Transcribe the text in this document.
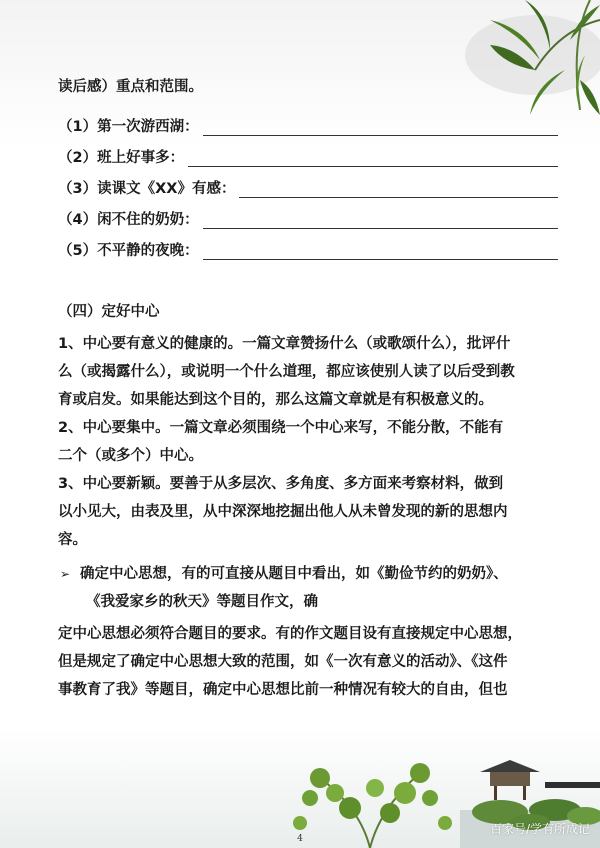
读后感）重点和范围。
（1）第一次游西湖：
（2）班上好事多：
（3）读课文《XX》有感：
（4）闲不住的奶奶：
（5）不平静的夜晚：
（四）定好中心
1、中心要有意义的健康的。一篇文章赞扬什么（或歌颂什么），批评什
么（或揭露什么），或说明一个什么道理，都应该使别人读了以后受到教
育或启发。如果能达到这个目的，那么这篇文章就是有积极意义的。
2、中心要集中。一篇文章必须围绕一个中心来写，不能分散，不能有
二个（或多个）中心。
3、中心要新颖。要善于从多层次、多角度、多方面来考察材料，做到
以小见大，由表及里，从中深深地挖掘出他人从未曾发现的新的思想内
容。
➢ 确定中心思想，有的可直接从题目中看出，如《勤俭节约的奶奶》、
《我爱家乡的秋天》等题目作文，确
定中心思想必须符合题目的要求。有的作文题目设有直接规定中心思想，
但是规定了确定中心思想大致的范围，如《一次有意义的活动》、《这件
事教育了我》等题目，确定中心思想比前一种情况有较大的自由，但也
4
百家号/学有所成记
